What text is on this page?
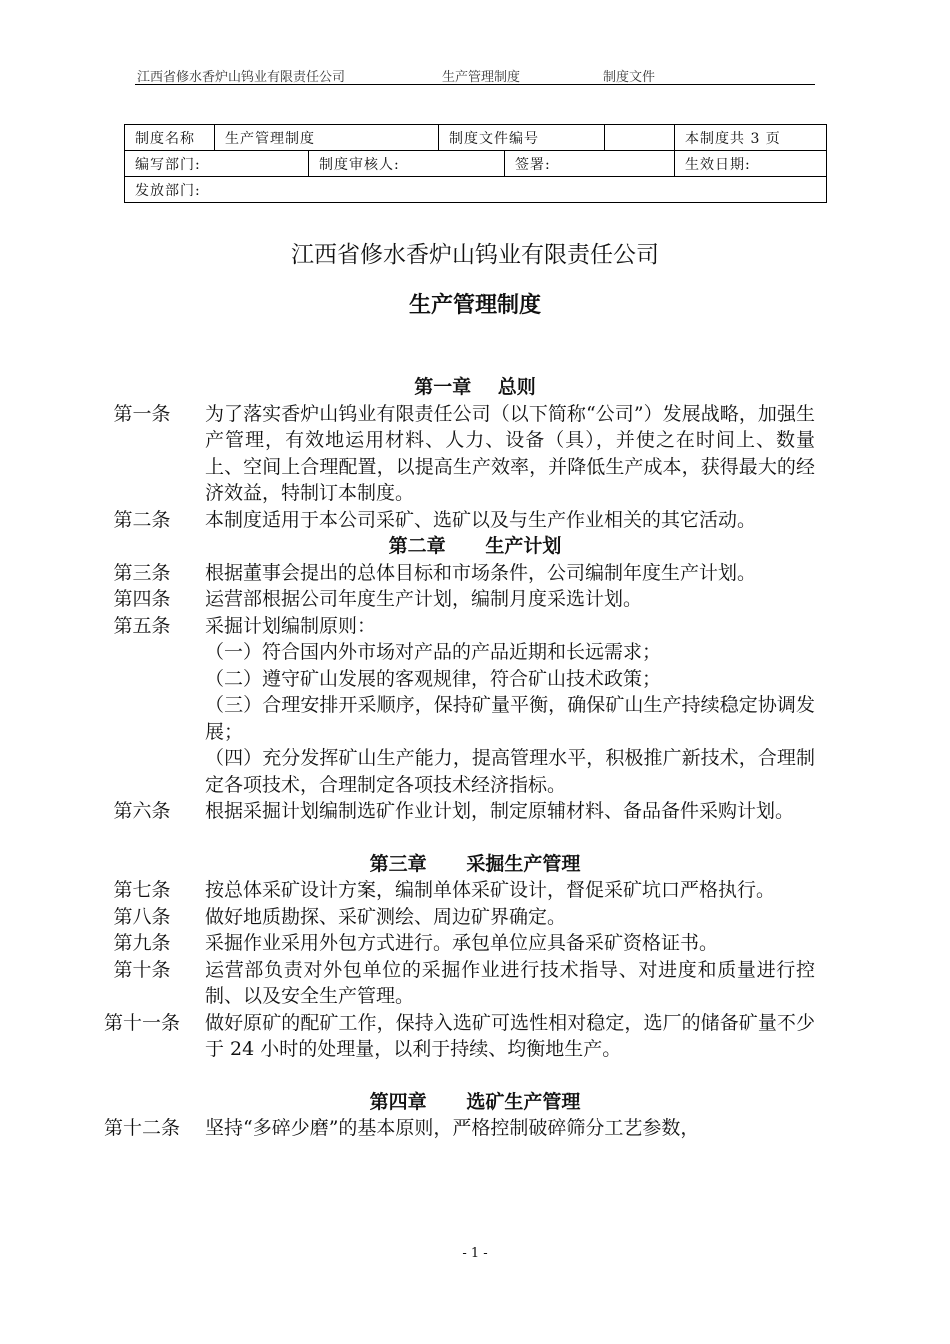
江西省修水香炉山钨业有限责任公司	生产管理制度	制度文件
制度名称	生产管理制度		制度文件编号			本制度共 3 页
编写部门:		制度审核人:		签署:		生效日期:
发放部门:						
江西省修水香炉山钨业有限责任公司
生产管理制度
第一章    总则
第一条	为了落实香炉山钨业有限责任公司（以下简称“公司”）发展战略，加强生产管理，有效地运用材料、人力、设备（具），并使之在时间上、数量上、空间上合理配置，以提高生产效率，并降低生产成本，获得最大的经济效益，特制订本制度。
第二条	本制度适用于本公司采矿、选矿以及与生产作业相关的其它活动。
第二章      生产计划
第三条	根据董事会提出的总体目标和市场条件，公司编制年度生产计划。
第四条	运营部根据公司年度生产计划，编制月度采选计划。
第五条	采掘计划编制原则：
（一）符合国内外市场对产品的产品近期和长远需求；
（二）遵守矿山发展的客观规律，符合矿山技术政策；
（三）合理安排开采顺序，保持矿量平衡，确保矿山生产持续稳定协调发展；
（四）充分发挥矿山生产能力，提高管理水平，积极推广新技术，合理制定各项技术，合理制定各项技术经济指标。
第六条	根据采掘计划编制选矿作业计划，制定原辅材料、备品备件采购计划。
第三章      采掘生产管理
第七条	按总体采矿设计方案，编制单体采矿设计，督促采矿坑口严格执行。
第八条	做好地质勘探、采矿测绘、周边矿界确定。
第九条	采掘作业采用外包方式进行。承包单位应具备采矿资格证书。
第十条	运营部负责对外包单位的采掘作业进行技术指导、对进度和质量进行控制、以及安全生产管理。
第十一条	做好原矿的配矿工作，保持入选矿可选性相对稳定，选厂的储备矿量不少于 24 小时的处理量，以利于持续、均衡地生产。
第四章      选矿生产管理
第十二条	坚持“多碎少磨”的基本原则，严格控制破碎筛分工艺参数，
- 1 -
